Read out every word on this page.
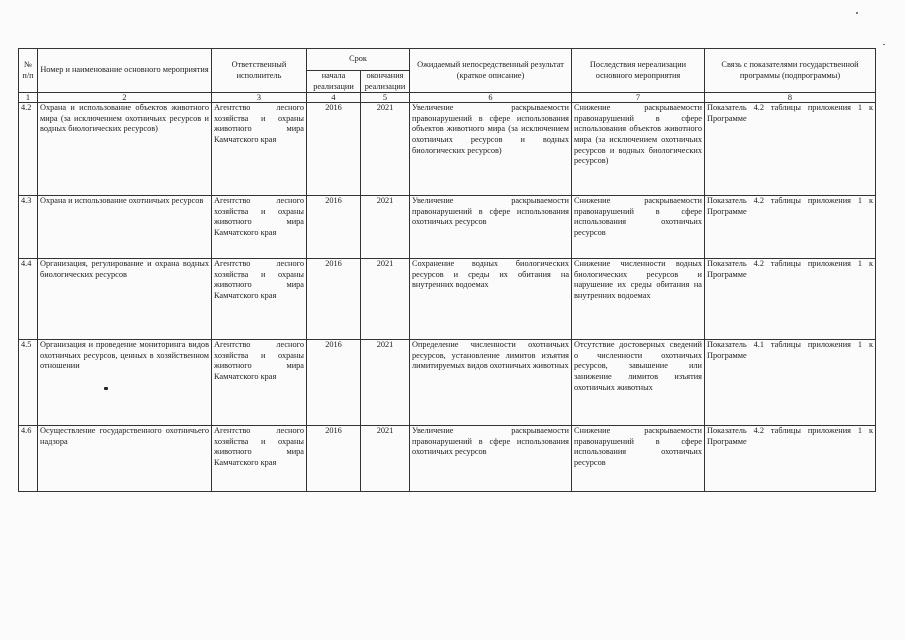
№ п/п	Номер и наименование основного мероприятия	Ответственный исполнитель	Срок		Ожидаемый непосредственный результат (краткое описание)	Последствия нереализации основного мероприятия	Связь с показателями государственной программы (подпрограммы)
			начала реализации	окончания реализации			
1	2	3	4	5	6	7	8
4.2	Охрана и использование объектов животного мира (за исключением охотничьих ресурсов и водных биологических ресурсов)	Агентство лесного хозяйства и охраны животного мира Камчатского края	2016	2021	Увеличение раскрываемости правонарушений в сфере использования объектов животного мира (за исключением охотничьих ресурсов и водных биологических ресурсов)	Снижение раскрываемости правонарушений в сфере использования объектов животного мира (за исключением охотничьих ресурсов и водных биологических ресурсов)	Показатель 4.2 таблицы приложения 1 к Программе
4.3	Охрана и использование охотничьих ресурсов	Агентство лесного хозяйства и охраны животного мира Камчатского края	2016	2021	Увеличение раскрываемости правонарушений в сфере использования охотничьих ресурсов	Снижение раскрываемости правонарушений в сфере использования охотничьих ресурсов	Показатель 4.2 таблицы приложения 1 к Программе
4.4	Организация, регулирование и охрана водных биологических ресурсов	Агентство лесного хозяйства и охраны животного мира Камчатского края	2016	2021	Сохранение водных биологических ресурсов и среды их обитания на внутренних водоемах	Снижение численности водных биологических ресурсов и нарушение их среды обитания на внутренних водоемах	Показатель 4.2 таблицы приложения 1 к Программе
4.5	Организация и проведение мониторинга видов охотничьих ресурсов, ценных в хозяйственном отношении	Агентство лесного хозяйства и охраны животного мира Камчатского края	2016	2021	Определение численности охотничьих ресурсов, установление лимитов изъятия лимитируемых видов охотничьих животных	Отсутствие достоверных сведений о численности охотничьих ресурсов, завышение или занижение лимитов изъятия охотничьих животных	Показатель 4.1 таблицы приложения 1 к Программе
4.6	Осуществление государственного охотничьего надзора	Агентство лесного хозяйства и охраны животного мира Камчатского края	2016	2021	Увеличение раскрываемости правонарушений в сфере использования охотничьих ресурсов	Снижение раскрываемости правонарушений в сфере использования охотничьих ресурсов	Показатель 4.2 таблицы приложения 1 к Программе
